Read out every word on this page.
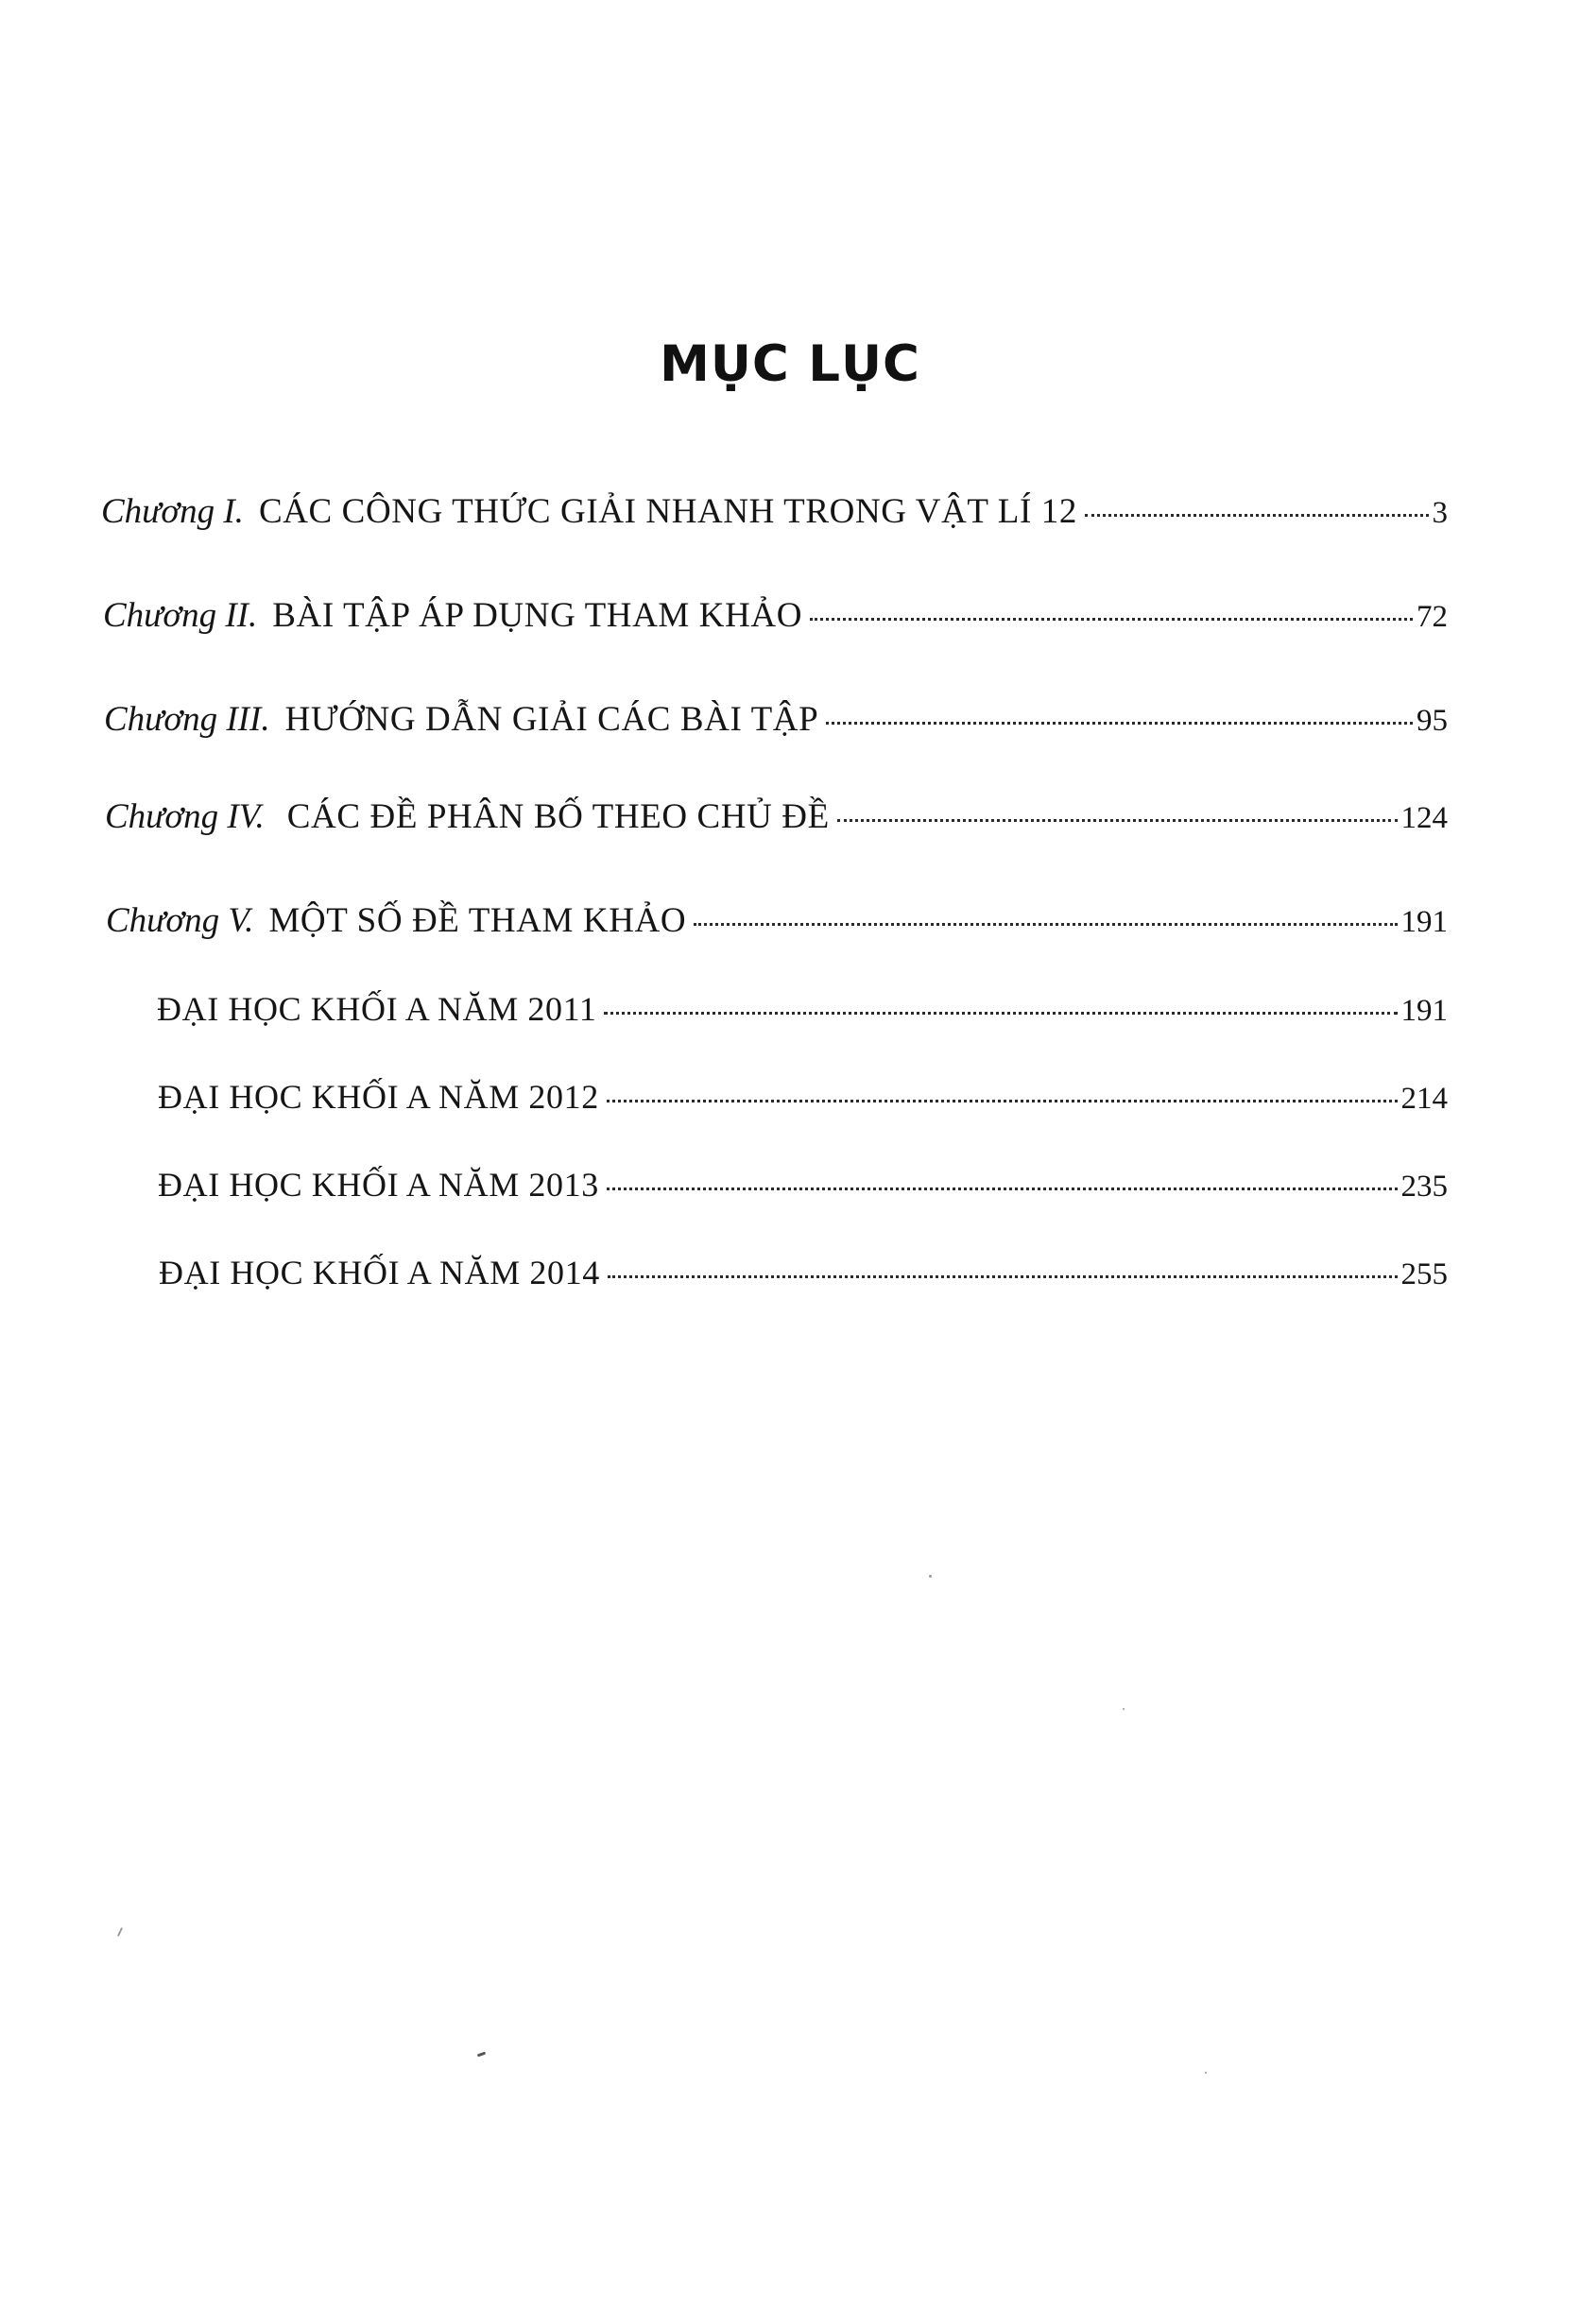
MỤC LỤC
Chương I. CÁC CÔNG THỨC GIẢI NHANH TRONG VẬT LÍ 12	3
Chương II. BÀI TẬP ÁP DỤNG THAM KHẢO	72
Chương III. HƯỚNG DẪN GIẢI CÁC BÀI TẬP	95
Chương IV. CÁC ĐỀ PHÂN BỐ THEO CHỦ ĐỀ	124
Chương V. MỘT SỐ ĐỀ THAM KHẢO	191
ĐẠI HỌC KHỐI A NĂM 2011	191
ĐẠI HỌC KHỐI A NĂM 2012	214
ĐẠI HỌC KHỐI A NĂM 2013	235
ĐẠI HỌC KHỐI A NĂM 2014	255
